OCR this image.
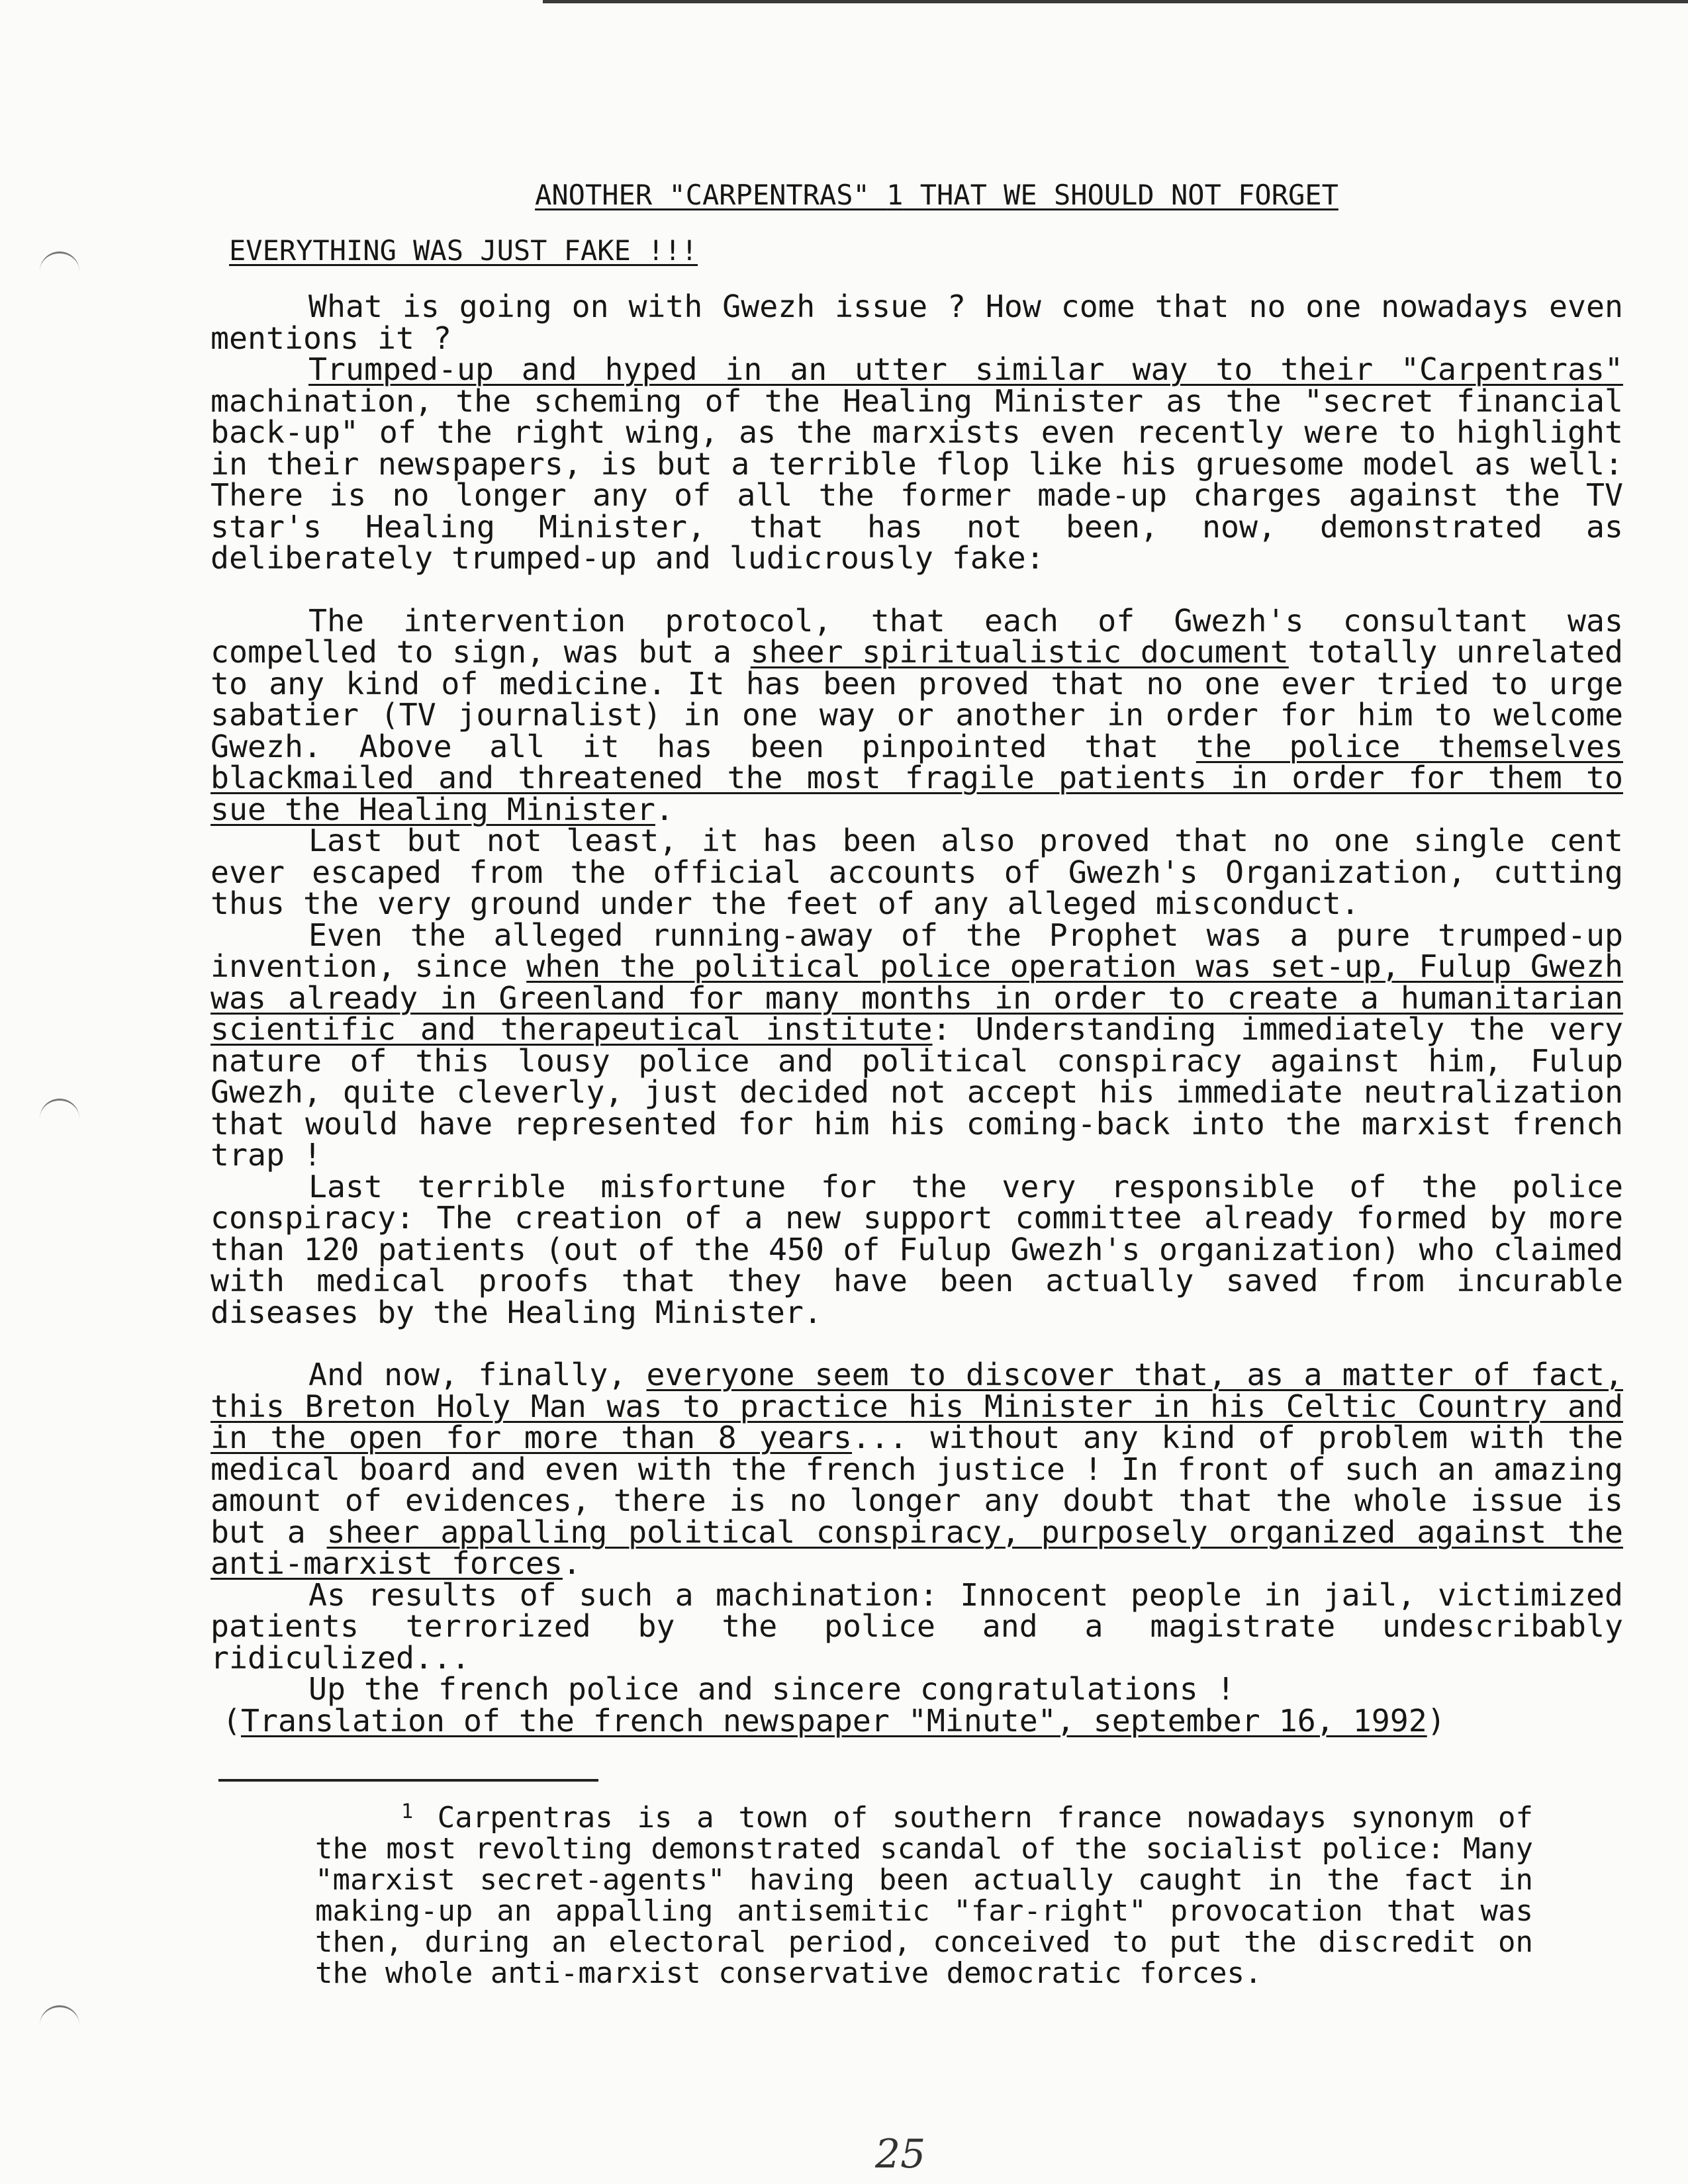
ANOTHER "CARPENTRAS" 1 THAT WE SHOULD NOT FORGET
EVERYTHING WAS JUST FAKE !!!

What is going on with Gwezh issue ? How come that no one nowadays even mentions it ?

Trumped-up and hyped in an utter similar way to their "Carpentras" machination, the scheming of the Healing Minister as the "secret financial back-up" of the right wing, as the marxists even recently were to highlight in their newspapers, is but a terrible flop like his gruesome model as well: There is no longer any of all the former made-up charges against the TV star's Healing Minister, that has not been, now, demonstrated as deliberately trumped-up and ludicrously fake:

The intervention protocol, that each of Gwezh's consultant was compelled to sign, was but a sheer spiritualistic document totally unrelated to any kind of medicine. It has been proved that no one ever tried to urge sabatier (TV journalist) in one way or another in order for him to welcome Gwezh. Above all it has been pinpointed that the police themselves blackmailed and threatened the most fragile patients in order for them to sue the Healing Minister.

Last but not least, it has been also proved that no one single cent ever escaped from the official accounts of Gwezh's Organization, cutting thus the very ground under the feet of any alleged misconduct.

Even the alleged running-away of the Prophet was a pure trumped-up invention, since when the political police operation was set-up, Fulup Gwezh was already in Greenland for many months in order to create a humanitarian scientific and therapeutical institute: Understanding immediately the very nature of this lousy police and political conspiracy against him, Fulup Gwezh, quite cleverly, just decided not accept his immediate neutralization that would have represented for him his coming-back into the marxist french trap !

Last terrible misfortune for the very responsible of the police conspiracy: The creation of a new support committee already formed by more than 120 patients (out of the 450 of Fulup Gwezh's organization) who claimed with medical proofs that they have been actually saved from incurable diseases by the Healing Minister.

And now, finally, everyone seem to discover that, as a matter of fact, this Breton Holy Man was to practice his Minister in his Celtic Country and in the open for more than 8 years... without any kind of problem with the medical board and even with the french justice ! In front of such an amazing amount of evidences, there is no longer any doubt that the whole issue is but a sheer appalling political conspiracy, purposely organized against the anti-marxist forces.

As results of such a machination: Innocent people in jail, victimized patients terrorized by the police and a magistrate undescribably ridiculized...

Up the french police and sincere congratulations !

(Translation of the french newspaper "Minute", september 16, 1992)

$^1$ Carpentras is a town of southern france nowadays synonym of the most revolting demonstrated scandal of the socialist police: Many "marxist secret-agents" having been actually caught in the fact in making-up an appalling antisemitic "far-right" provocation that was then, during an electoral period, conceived to put the discredit on the whole anti-marxist conservative democratic forces.

25
